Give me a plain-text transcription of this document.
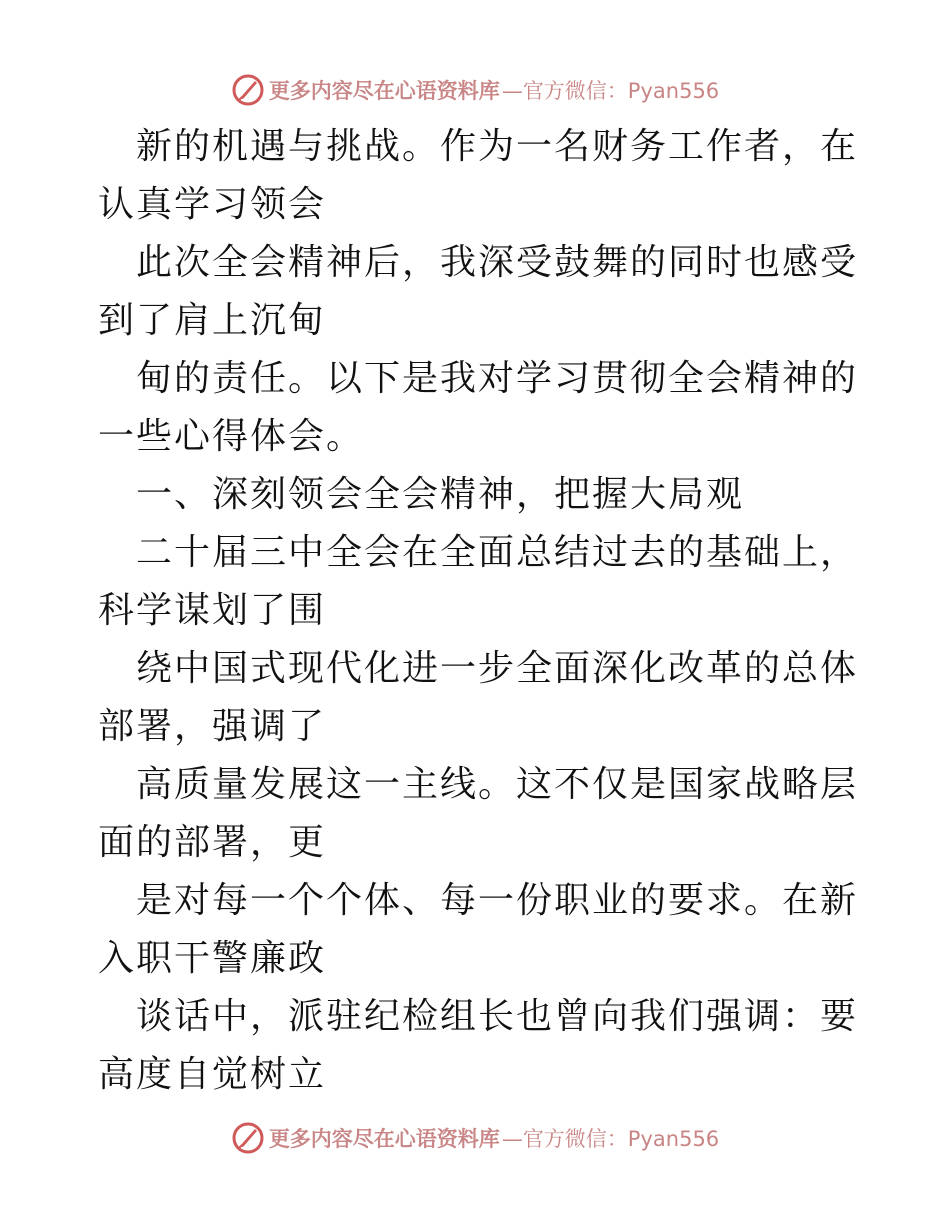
更多内容尽在心语资料库 —官方微信：Pyan556

新的机遇与挑战。作为一名财务工作者，在认真学习领会

此次全会精神后，我深受鼓舞的同时也感受到了肩上沉甸

甸的责任。以下是我对学习贯彻全会精神的一些心得体会。

一、深刻领会全会精神，把握大局观

二十届三中全会在全面总结过去的基础上，科学谋划了围

绕中国式现代化进一步全面深化改革的总体部署，强调了

高质量发展这一主线。这不仅是国家战略层面的部署，更

是对每一个个体、每一份职业的要求。在新入职干警廉政

谈话中，派驻纪检组长也曾向我们强调：要高度自觉树立

更多内容尽在心语资料库 —官方微信：Pyan556
